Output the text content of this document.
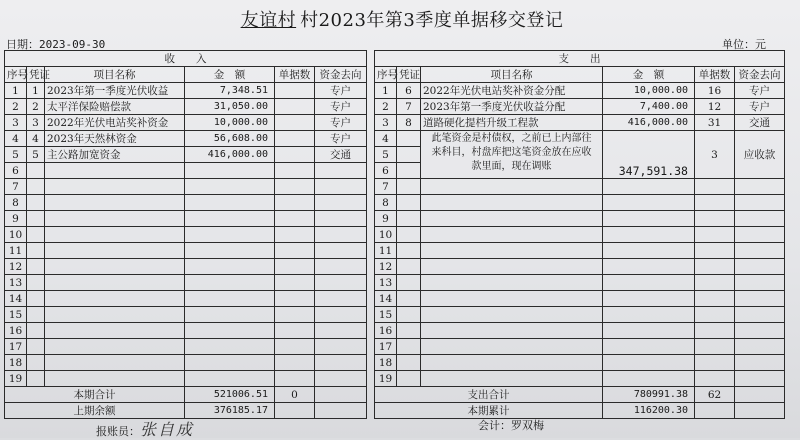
友谊村 村2023年第3季度单据移交登记
日期：2023-09-30	单位：元
收　　入					
序号	凭证	项目名称	金　额	单据数	资金去向
1	1	2023年第一季度光伏收益	7,348.51		专户
2	2	太平洋保险赔偿款	31,050.00		专户
3	3	2022年光伏电站奖补资金	10,000.00		专户
4	4	2023年天然林资金	56,608.00		专户
5	5	主公路加宽资金	416,000.00		交通
6					
7					
8					
9					
10					
11					
12					
13					
14					
15					
16					
17					
18					
19					
本期合计			521006.51	0	
上期余额			376185.17		
支　　出					
序号	凭证	项目名称	金　额	单据数	资金去向
1	6	2022年光伏电站奖补资金分配	10,000.00	16	专户
2	7	2023年第一季度光伏收益分配	7,400.00	12	专户
3	8	道路硬化提档升级工程款	416,000.00	31	交通
4		此笔资金是村债权，之前已上内部往来科目，村盘库把这笔资金放在应收款里面，现在调账	347,591.38	3	应收款
5					
6					
7					
8					
9					
10					
11					
12					
13					
14					
15					
16					
17					
18					
19					
支出合计			780991.38	62	
本期累计			116200.30		
报账员：张自成	会计：罗双梅
